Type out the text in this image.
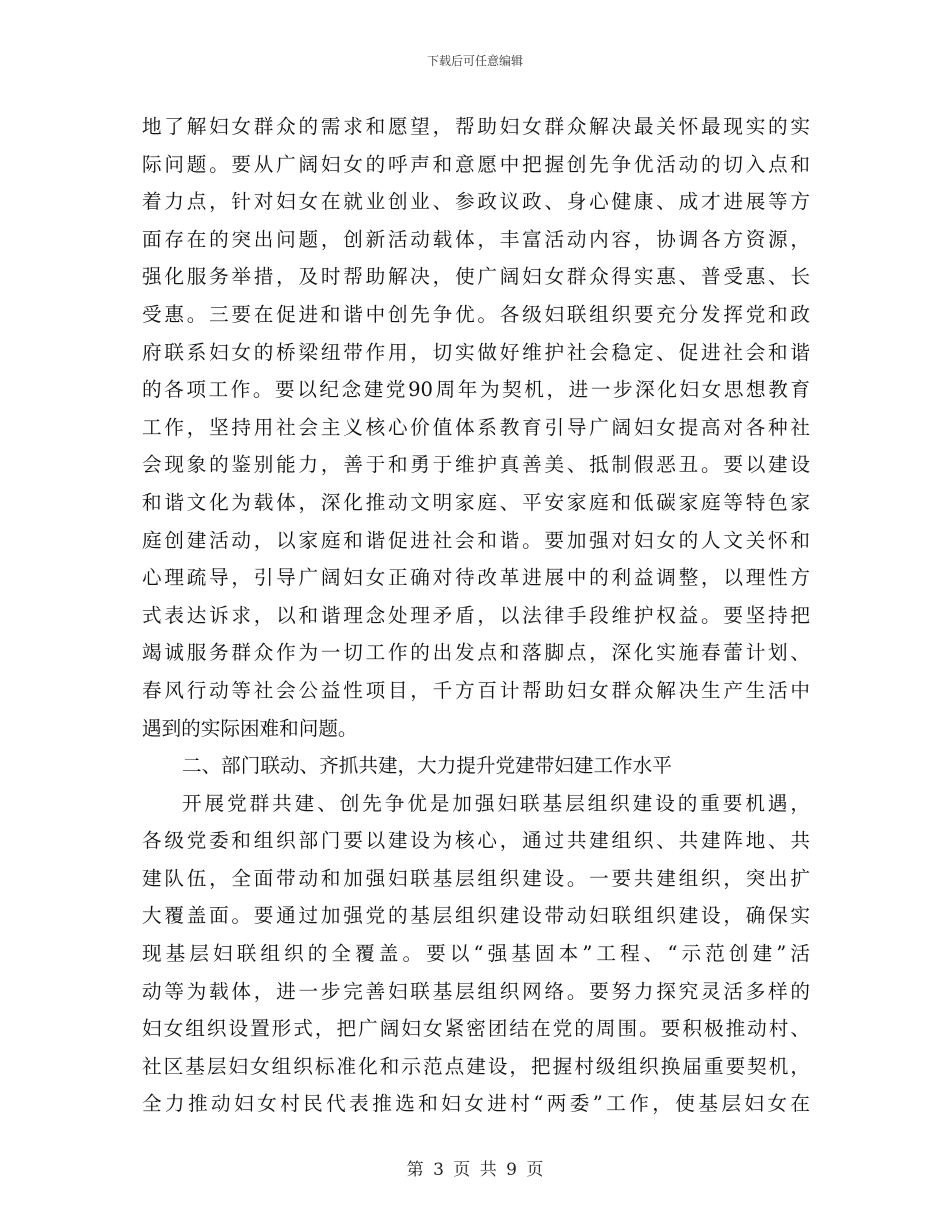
下载后可任意编辑
地了解妇女群众的需求和愿望，帮助妇女群众解决最关怀最现实的实
际问题。要从广阔妇女的呼声和意愿中把握创先争优活动的切入点和
着力点，针对妇女在就业创业、参政议政、身心健康、成才进展等方
面存在的突出问题，创新活动载体，丰富活动内容，协调各方资源，
强化服务举措，及时帮助解决，使广阔妇女群众得实惠、普受惠、长
受惠。三要在促进和谐中创先争优。各级妇联组织要充分发挥党和政
府联系妇女的桥梁纽带作用，切实做好维护社会稳定、促进社会和谐
的各项工作。要以纪念建党90周年为契机，进一步深化妇女思想教育
工作，坚持用社会主义核心价值体系教育引导广阔妇女提高对各种社
会现象的鉴别能力，善于和勇于维护真善美、抵制假恶丑。要以建设
和谐文化为载体，深化推动文明家庭、平安家庭和低碳家庭等特色家
庭创建活动，以家庭和谐促进社会和谐。要加强对妇女的人文关怀和
心理疏导，引导广阔妇女正确对待改革进展中的利益调整，以理性方
式表达诉求，以和谐理念处理矛盾，以法律手段维护权益。要坚持把
竭诚服务群众作为一切工作的出发点和落脚点，深化实施春蕾计划、
春风行动等社会公益性项目，千方百计帮助妇女群众解决生产生活中
遇到的实际困难和问题。
二、部门联动、齐抓共建，大力提升党建带妇建工作水平
开展党群共建、创先争优是加强妇联基层组织建设的重要机遇，
各级党委和组织部门要以建设为核心，通过共建组织、共建阵地、共
建队伍，全面带动和加强妇联基层组织建设。一要共建组织，突出扩
大覆盖面。要通过加强党的基层组织建设带动妇联组织建设，确保实
现基层妇联组织的全覆盖。要以“强基固本”工程、“示范创建”活
动等为载体，进一步完善妇联基层组织网络。要努力探究灵活多样的
妇女组织设置形式，把广阔妇女紧密团结在党的周围。要积极推动村、
社区基层妇女组织标准化和示范点建设，把握村级组织换届重要契机，
全力推动妇女村民代表推选和妇女进村“两委”工作，使基层妇女在
第 3 页 共 9 页
